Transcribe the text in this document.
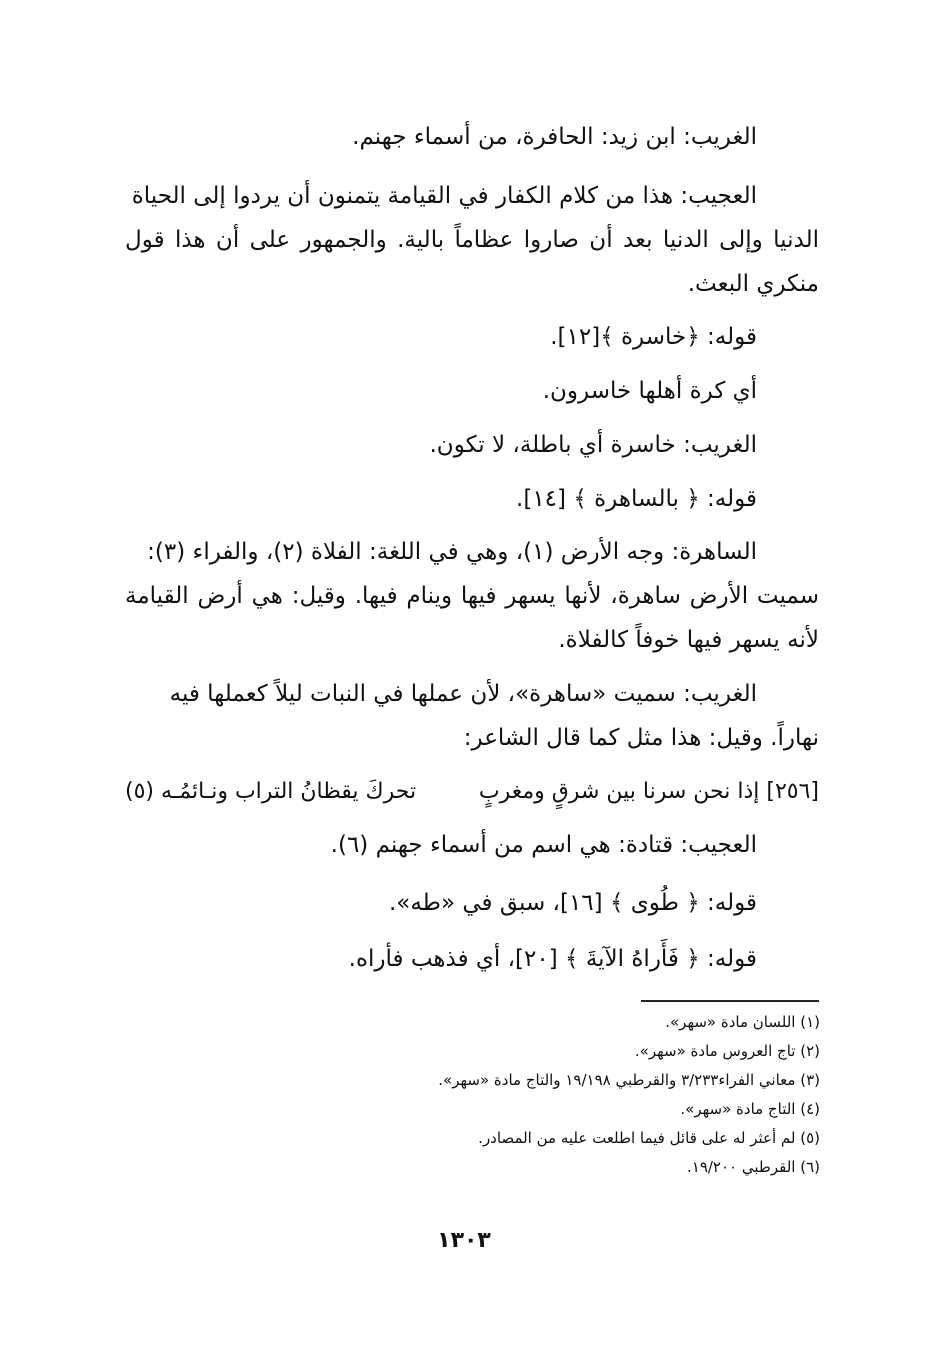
الغريب: ابن زيد: الحافرة، من أسماء جهنم.
العجيب: هذا من كلام الكفار في القيامة يتمنون أن يردوا إلى الحياة
الدنيا وإلى الدنيا بعد أن صاروا عظاماً بالية. والجمهور على أن هذا قول
منكري البعث.
قوله: ﴿خاسرة ﴾[١٢].
أي كرة أهلها خاسرون.
الغريب: خاسرة أي باطلة، لا تكون.
قوله: ﴿ بالساهرة ﴾ [١٤].
الساهرة: وجه الأرض (١)، وهي في اللغة: الفلاة (٢)، والفراء (٣):
سميت الأرض ساهرة، لأنها يسهر فيها وينام فيها. وقيل: هي أرض القيامة
لأنه يسهر فيها خوفاً كالفلاة.
الغريب: سميت «ساهرة»، لأن عملها في النبات ليلاً كعملها فيه
نهاراً. وقيل: هذا مثل كما قال الشاعر:
[٢٥٦] إذا نحن سرنا بين شرقٍ ومغربٍ
تحركَ يقظانُ التراب ونـائمُـه (٥)
العجيب: قتادة: هي اسم من أسماء جهنم (٦).
قوله: ﴿ طُوى ﴾ [١٦]، سبق في «طه».
قوله: ﴿ فَأَراهُ الآيةَ ﴾ [٢٠]، أي فذهب فأراه.
(١) اللسان مادة «سهر».
(٢) تاج العروس مادة «سهر».
(٣) معاني الفراء٣/٢٣٣ والقرطبي ١٩/١٩٨ والتاج مادة «سهر».
(٤) التاج مادة «سهر».
(٥) لم أعثر له على قائل فيما اطلعت عليه من المصادر.
(٦) القرطبي ١٩/٢٠٠.
١٣٠٣
